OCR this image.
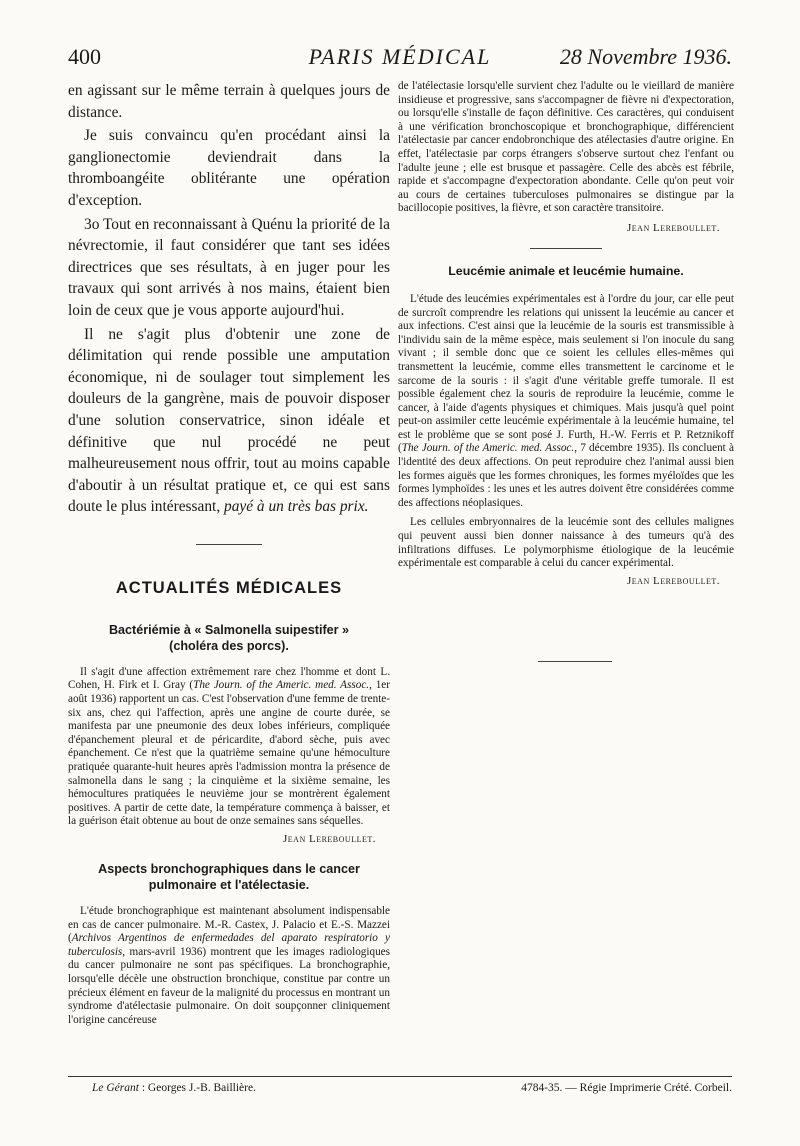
400	PARIS MÉDICAL	28 Novembre 1936.

en agissant sur le même terrain à quelques jours de distance.

Je suis convaincu qu'en procédant ainsi la ganglionectomie deviendrait dans la thromboangéite oblitérante une opération d'exception.

3o Tout en reconnaissant à Quénu la priorité de la névrectomie, il faut considérer que tant ses idées directrices que ses résultats, à en juger pour les travaux qui sont arrivés à nos mains, étaient bien loin de ceux que je vous apporte aujourd'hui.

Il ne s'agit plus d'obtenir une zone de délimitation qui rende possible une amputation économique, ni de soulager tout simplement les douleurs de la gangrène, mais de pouvoir disposer d'une solution conservatrice, sinon idéale et définitive que nul procédé ne peut malheureusement nous offrir, tout au moins capable d'aboutir à un résultat pratique et, ce qui est sans doute le plus intéressant, payé à un très bas prix.

ACTUALITÉS MÉDICALES

Bactériémie à « Salmonella suipestifer »

(choléra des porcs).

Il s'agit d'une affection extrêmement rare chez l'homme et dont L. Cohen, H. Firk et I. Gray (The Journ. of the Americ. med. Assoc., 1er août 1936) rapportent un cas. C'est l'observation d'une femme de trente-six ans, chez qui l'affection, après une angine de courte durée, se manifesta par une pneumonie des deux lobes inférieurs, compliquée d'épanchement pleural et de péricardite, d'abord sèche, puis avec épanchement. Ce n'est que la quatrième semaine qu'une hémoculture pratiquée quarante-huit heures après l'admission montra la présence de salmonella dans le sang ; la cinquième et la sixième semaine, les hémocultures pratiquées le neuvième jour se montrèrent également positives. A partir de cette date, la température commença à baisser, et la guérison était obtenue au bout de onze semaines sans séquelles.

Jean Lereboullet.

Aspects bronchographiques dans le cancer

pulmonaire et l'atélectasie.

L'étude bronchographique est maintenant absolument indispensable en cas de cancer pulmonaire. M.-R. Castex, J. Palacio et E.-S. Mazzei (Archivos Argentinos de enfermedades del aparato respiratorio y tuberculosis, mars-avril 1936) montrent que les images radiologiques du cancer pulmonaire ne sont pas spécifiques. La bronchographie, lorsqu'elle décèle une obstruction bronchique, constitue par contre un précieux élément en faveur de la malignité du processus en montrant un syndrome d'atélectasie pulmonaire. On doit soupçonner cliniquement l'origine cancéreuse

de l'atélectasie lorsqu'elle survient chez l'adulte ou le vieillard de manière insidieuse et progressive, sans s'accompagner de fièvre ni d'expectoration, ou lorsqu'elle s'installe de façon définitive. Ces caractères, qui conduisent à une vérification bronchoscopique et bronchographique, différencient l'atélectasie par cancer endobronchique des atélectasies d'autre origine. En effet, l'atélectasie par corps étrangers s'observe surtout chez l'enfant ou l'adulte jeune ; elle est brusque et passagère. Celle des abcès est fébrile, rapide et s'accompagne d'expectoration abondante. Celle qu'on peut voir au cours de certaines tuberculoses pulmonaires se distingue par la bacillocopie positives, la fièvre, et son caractère transitoire.

Jean Lereboullet.

Leucémie animale et leucémie humaine.

L'étude des leucémies expérimentales est à l'ordre du jour, car elle peut de surcroît comprendre les relations qui unissent la leucémie au cancer et aux infections. C'est ainsi que la leucémie de la souris est transmissible à l'individu sain de la même espèce, mais seulement si l'on inocule du sang vivant ; il semble donc que ce soient les cellules elles-mêmes qui transmettent la leucémie, comme elles transmettent le carcinome et le sarcome de la souris : il s'agit d'une véritable greffe tumorale. Il est possible également chez la souris de reproduire la leucémie, comme le cancer, à l'aide d'agents physiques et chimiques. Mais jusqu'à quel point peut-on assimiler cette leucémie expérimentale à la leucémie humaine, tel est le problème que se sont posé J. Furth, H.-W. Ferris et P. Retznikoff (The Journ. of the Americ. med. Assoc., 7 décembre 1935). Ils concluent à l'identité des deux affections. On peut reproduire chez l'animal aussi bien les formes aiguës que les formes chroniques, les formes myéloïdes que les formes lymphoïdes : les unes et les autres doivent être considérées comme des affections néoplasiques.

Les cellules embryonnaires de la leucémie sont des cellules malignes qui peuvent aussi bien donner naissance à des tumeurs qu'à des infiltrations diffuses. Le polymorphisme étiologique de la leucémie expérimentale est comparable à celui du cancer expérimental.

Jean Lereboullet.

Le Gérant : Georges J.-B. Baillière.	4784-35. — Régie Imprimerie Crété. Corbeil.
